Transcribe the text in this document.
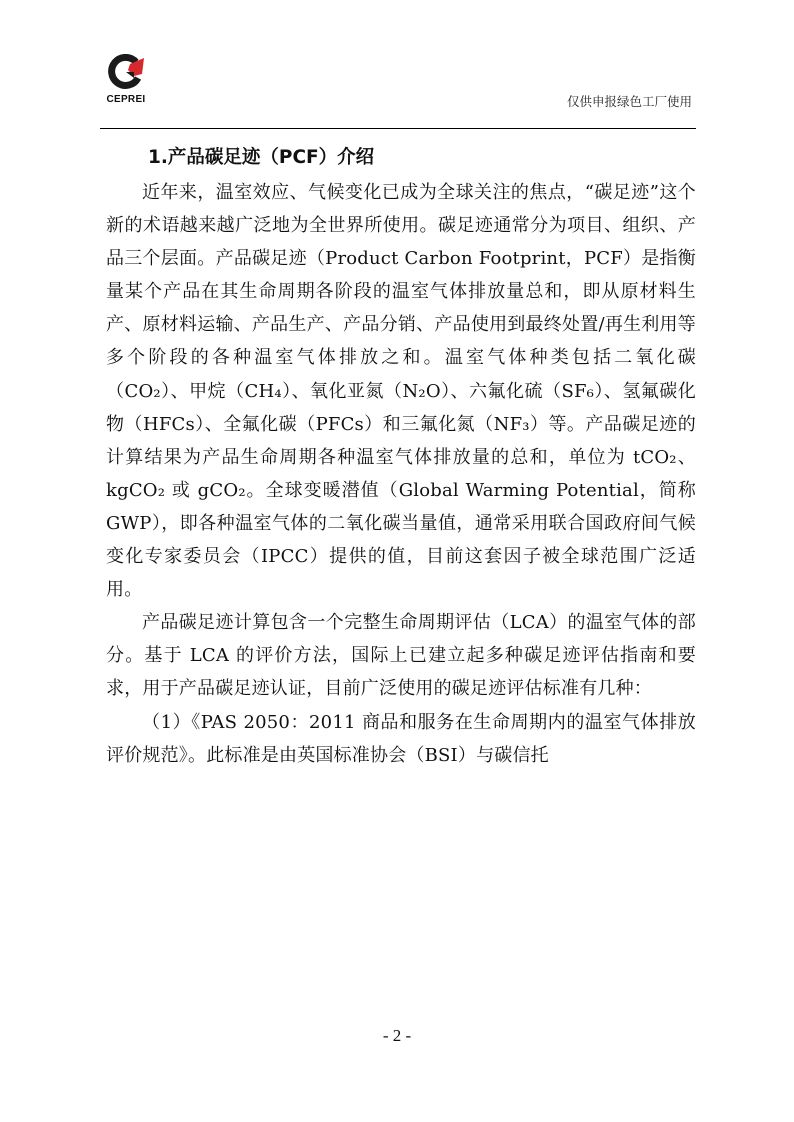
CEPREI	仅供申报绿色工厂使用
1.产品碳足迹（PCF）介绍

近年来，温室效应、气候变化已成为全球关注的焦点，“碳足迹”这个新的术语越来越广泛地为全世界所使用。碳足迹通常分为项目、组织、产品三个层面。产品碳足迹（Product Carbon Footprint，PCF）是指衡量某个产品在其生命周期各阶段的温室气体排放量总和，即从原材料生产、原材料运输、产品生产、产品分销、产品使用到最终处置/再生利用等多个阶段的各种温室气体排放之和。温室气体种类包括二氧化碳（CO₂）、甲烷（CH₄）、氧化亚氮（N₂O）、六氟化硫（SF₆）、氢氟碳化物（HFCs）、全氟化碳（PFCs）和三氟化氮（NF₃）等。产品碳足迹的计算结果为产品生命周期各种温室气体排放量的总和，单位为 tCO₂、kgCO₂ 或 gCO₂。全球变暖潜值（Global Warming Potential，简称 GWP），即各种温室气体的二氧化碳当量值，通常采用联合国政府间气候变化专家委员会（IPCC）提供的值，目前这套因子被全球范围广泛适用。

产品碳足迹计算包含一个完整生命周期评估（LCA）的温室气体的部分。基于 LCA 的评价方法，国际上已建立起多种碳足迹评估指南和要求，用于产品碳足迹认证，目前广泛使用的碳足迹评估标准有几种：

（1）《PAS 2050：2011 商品和服务在生命周期内的温室气体排放评价规范》。此标准是由英国标准协会（BSI）与碳信托

- 2 -
